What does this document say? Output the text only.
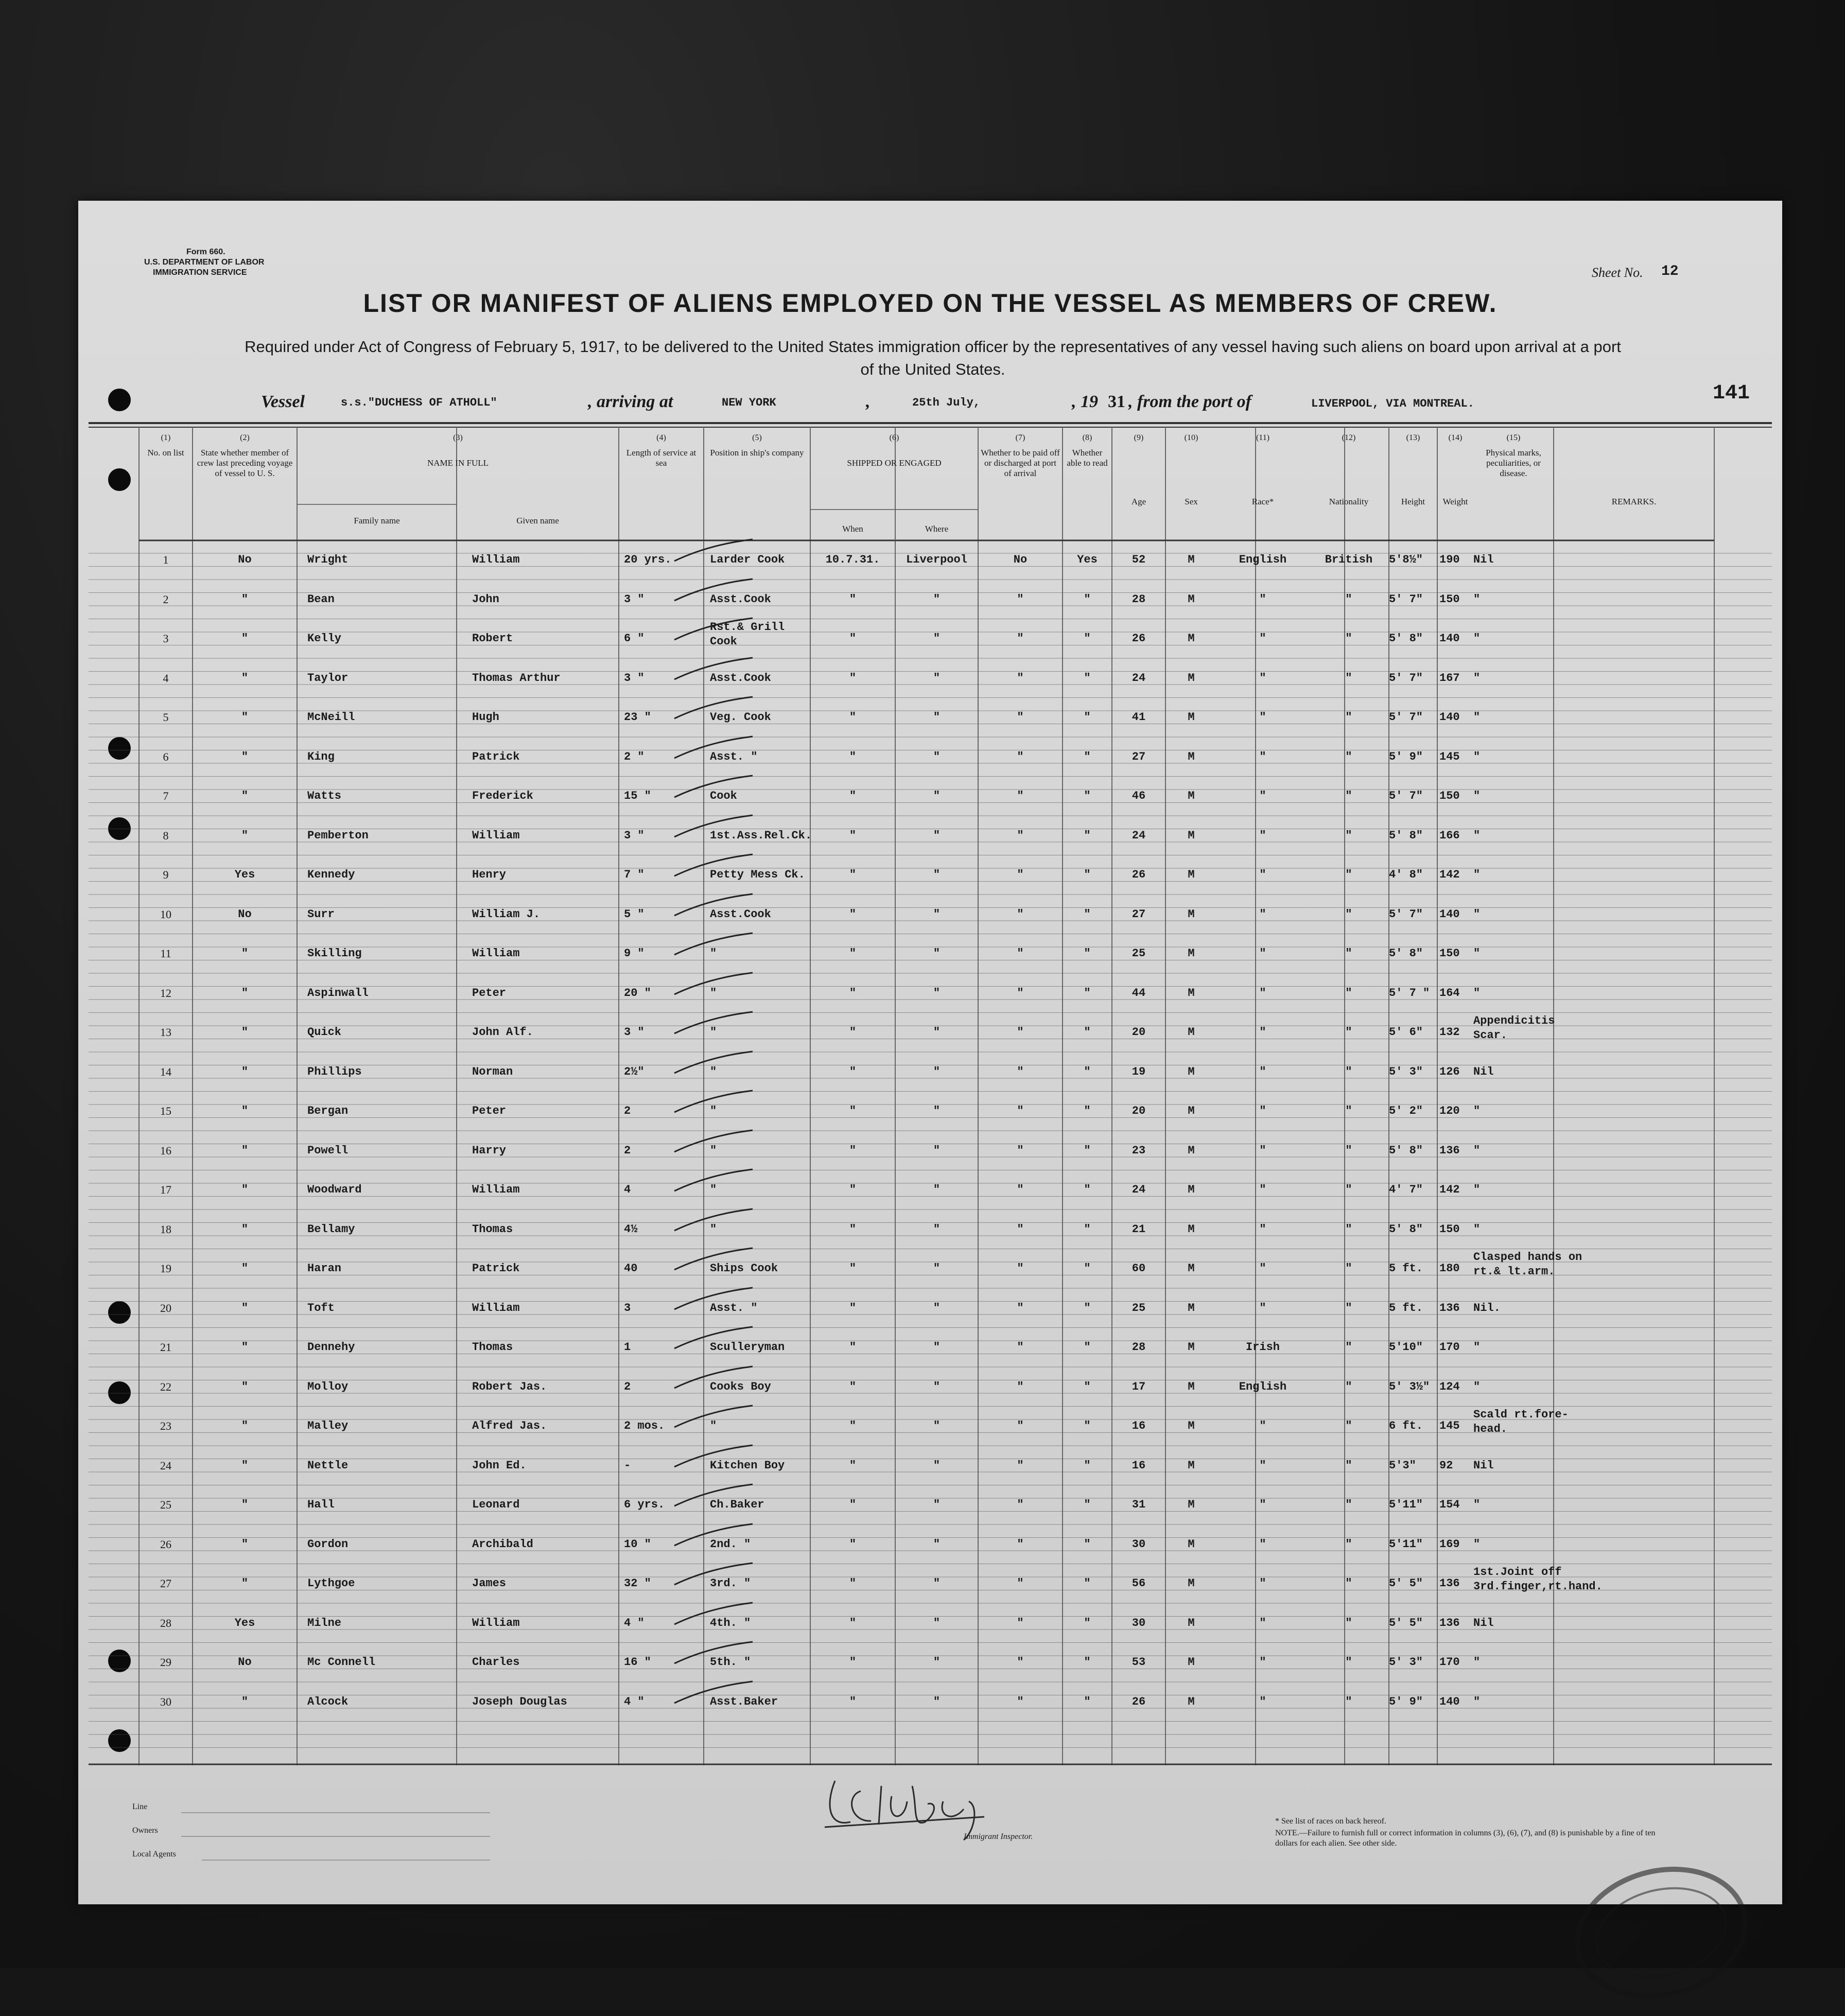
Form 660.
U.S. DEPARTMENT OF LABOR
IMMIGRATION SERVICE	Sheet No. 12
141
LIST OR MANIFEST OF ALIENS EMPLOYED ON THE VESSEL AS MEMBERS OF CREW.
Required under Act of Congress of February 5, 1917, to be delivered to the United States immigration officer by the representatives of any vessel having such aliens on board upon arrival at a port of the United States.
Vessel	s.s."DUCHESS OF ATHOLL"	, arriving at	NEW YORK	,	25th July,	, 19 31 , from the port of	LIVERPOOL, VIA MONTREAL.
(1)
No. on list
(2)
State whether member of crew last preceding voyage of vessel to U. S.
(3)
NAME IN FULL
(4)
Length of service at sea
(5)
Position in ship's company
(6)
SHIPPED OR ENGAGED
(7)
Whether to be paid off or discharged at port of arrival
(8)
Whether able to read
(9)
Age
(10)
Sex
(11)
Race*
(12)
Nationality
(13)
Height
(14)
Weight
(15)
Physical marks, peculiarities, or disease.
REMARKS.
Family name	Given name
When	Where
1	No	Wright	William	20 yrs.	Larder Cook	10.7.31.	Liverpool	No	Yes	52	M	English	British	5'8½"	190	Nil
2	"	Bean	John	3 "	Asst.Cook	"	"	"	"	28	M	"	"	5' 7"	150	"
3	"	Kelly	Robert	6 "
Rst.& Grill
Cook	"	"	"	"	26	M	"	"	5' 8"	140	"
4	"	Taylor	Thomas Arthur	3 "	Asst.Cook	"	"	"	"	24	M	"	"	5' 7"	167	"
5	"	McNeill	Hugh	23 "	Veg. Cook	"	"	"	"	41	M	"	"	5' 7"	140	"
6	"	King	Patrick	2 "	Asst. "	"	"	"	"	27	M	"	"	5' 9"	145	"
7	"	Watts	Frederick	15 "	Cook	"	"	"	"	46	M	"	"	5' 7"	150	"
8	"	Pemberton	William	3 "	1st.Ass.Rel.Ck.	"	"	"	"	24	M	"	"	5' 8"	166	"
9	Yes	Kennedy	Henry	7 "	Petty Mess Ck.	"	"	"	"	26	M	"	"	4' 8"	142	"
10	No	Surr	William J.	5 "	Asst.Cook	"	"	"	"	27	M	"	"	5' 7"	140	"
11	"	Skilling	William	9 "	"	"	"	"	"	25	M	"	"	5' 8"	150	"
12	"	Aspinwall	Peter	20 "	"	"	"	"	"	44	M	"	"	5' 7 " 164	"
13	"	Quick	John Alf.	3 "	"	"	"	"	"	20	M	"	"	5' 6"	132
Appendicitis
Scar.
14	"	Phillips	Norman	2½"	"	"	"	"	"	19	M	"	"	5' 3"	126	Nil
15	"	Bergan	Peter	2	"	"	"	"	"	20	M	"	"	5' 2"	120	"
16	"	Powell	Harry	2	"	"	"	"	"	23	M	"	"	5' 8"	136	"
17	"	Woodward	William	4	"	"	"	"	"	24	M	"	"	4' 7"	142	"
18	"	Bellamy	Thomas	4½	"	"	"	"	"	21	M	"	"	5' 8"	150	"
19	"	Haran	Patrick	40	Ships Cook	"	"	"	"	60	M	"	"	5 ft.	180
Clasped hands on
rt.& lt.arm.
20	"	Toft	William	3	Asst. "	"	"	"	"	25	M	"	"	5 ft.	136	Nil.
21	"	Dennehy	Thomas	1	Sculleryman	"	"	"	"	28	M	Irish	"	5'10"	170	"
22	"	Molloy	Robert Jas.	2	Cooks Boy	"	"	"	"	17	M	English	"	5' 3½" 124	"
23	"	Malley	Alfred Jas.	2 mos.	"	"	"	"	"	16	M	"	"	6 ft.	145
Scald rt.fore-
head.
24	"	Nettle	John Ed.	-	Kitchen Boy	"	"	"	"	16	M	"	"	5'3"	92	Nil
25	"	Hall	Leonard	6 yrs.	Ch.Baker	"	"	"	"	31	M	"	"	5'11"	154	"
26	"	Gordon	Archibald	10 "	2nd. "	"	"	"	"	30	M	"	"	5'11"	169	"
27	"	Lythgoe	James	32 "	3rd. "	"	"	"	"	56	M	"	"	5' 5"	136
1st.Joint off
3rd.finger,rt.hand.
28	Yes	Milne	William	4 "	4th. "	"	"	"	"	30	M	"	"	5' 5"	136	Nil
29	No	Mc Connell	Charles	16 "	5th. "	"	"	"	"	53	M	"	"	5' 3"	170	"
30	"	Alcock	Joseph Douglas	4 "	Asst.Baker	"	"	"	"	26	M	"	"	5' 9"	140	"
Line
Owners
Local Agents
Immigrant Inspector.
* See list of races on back hereof.
NOTE.—Failure to furnish full or correct information in columns (3), (6), (7), and (8) is punishable by a fine of ten dollars for each alien. See other side.
